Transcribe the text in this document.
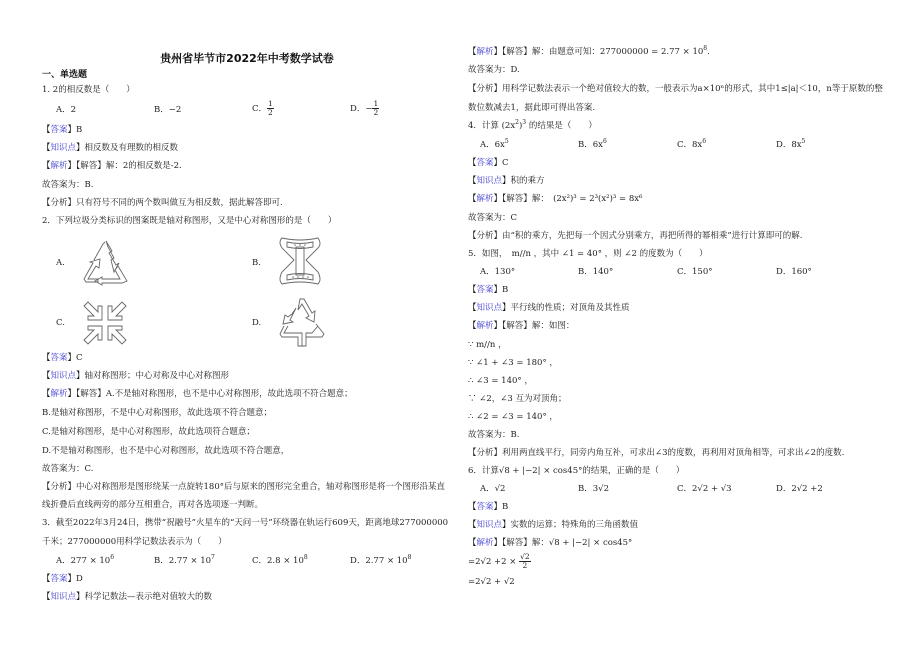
贵州省毕节市2022年中考数学试卷
一、单选题
1. 2的相反数是（　　）
A．2	B．−2	C． $\frac{1}{2}$	D．− $\frac{1}{2}$
【答案】B
【知识点】相反数及有理数的相反数
【解析】【解答】解：2的相反数是-2.
故答案为：B.
【分析】只有符号不同的两个数叫做互为相反数，据此解答即可.
2．下列垃圾分类标识的图案既是轴对称图形，又是中心对称图形的是（　　）
A.	B.
C.	D.
【答案】C
【知识点】轴对称图形；中心对称及中心对称图形
【解析】【解答】A.不是轴对称图形，也不是中心对称图形，故此选项不符合题意；
B.是轴对称图形，不是中心对称图形，故此选项不符合题意；
C.是轴对称图形，是中心对称图形，故此选项符合题意；
D.不是轴对称图形，也不是中心对称图形，故此选项不符合题意，
故答案为：C.
【分析】中心对称图形是图形绕某一点旋转180°后与原来的图形完全重合，轴对称图形是将一个图形沿某直
线折叠后直线两旁的部分互相重合，再对各选项逐一判断。
3．截至2022年3月24日，携带“祝融号”火星车的“天问一号”环绕器在轨运行609天，距离地球277000000
千米；277000000用科学记数法表示为（　　）
A．$277 \times 10^6$	B．$2.77 \times 10^7$	C．$2.8 \times 10^8$	D．$2.77 \times 10^8$
【答案】D
【知识点】科学记数法—表示绝对值较大的数
【解析】【解答】解：由题意可知：$277000000 = 2.77 \times 10^8$.
故答案为：D.
【分析】用科学记数法表示一个绝对值较大的数，一般表示为a×10ⁿ的形式，其中1≤|a|＜10，n等于原数的整
数位数减去1，据此即可得出答案.
4．计算 $(2x^2)^3$ 的结果是（　　）
A．$6x^5$	B．$6x^6$	C．$8x^6$	D．$8x^5$
【答案】C
【知识点】积的乘方
【解析】【解答】解：　(2x²)³ = 2³(x²)³ = 8x⁶
故答案为：C
【分析】由“积的乘方，先把每一个因式分别乘方，再把所得的幂相乘”进行计算即可的解.
5．如图，　m//n ，其中 ∠1 = 40° ，则 ∠2 的度数为（　　）
A．130°	B．140°	C．150°	D．160°
【答案】B
【知识点】平行线的性质；对顶角及其性质
【解析】【解答】解：如图：
∵ m//n ，
∵ ∠1 + ∠3 = 180° ，
∴ ∠3 = 140° ，
∵ ∠2，∠3 互为对顶角；
∴ ∠2 = ∠3 = 140° ，
故答案为：B.
【分析】利用两直线平行，同旁内角互补，可求出∠3的度数，再利用对顶角相等，可求出∠2的度数.
6．计算√8 + |−2| × cos45°的结果，正确的是（　　）
A．√2	B．3√2	C．2√2 + √3	D．2√2 +2
【答案】B
【知识点】实数的运算；特殊角的三角函数值
【解析】【解答】解：√8 + |−2| × cos45°
$=2√2 +2 \times \frac{√2}{2}$
=2√2 + √2
